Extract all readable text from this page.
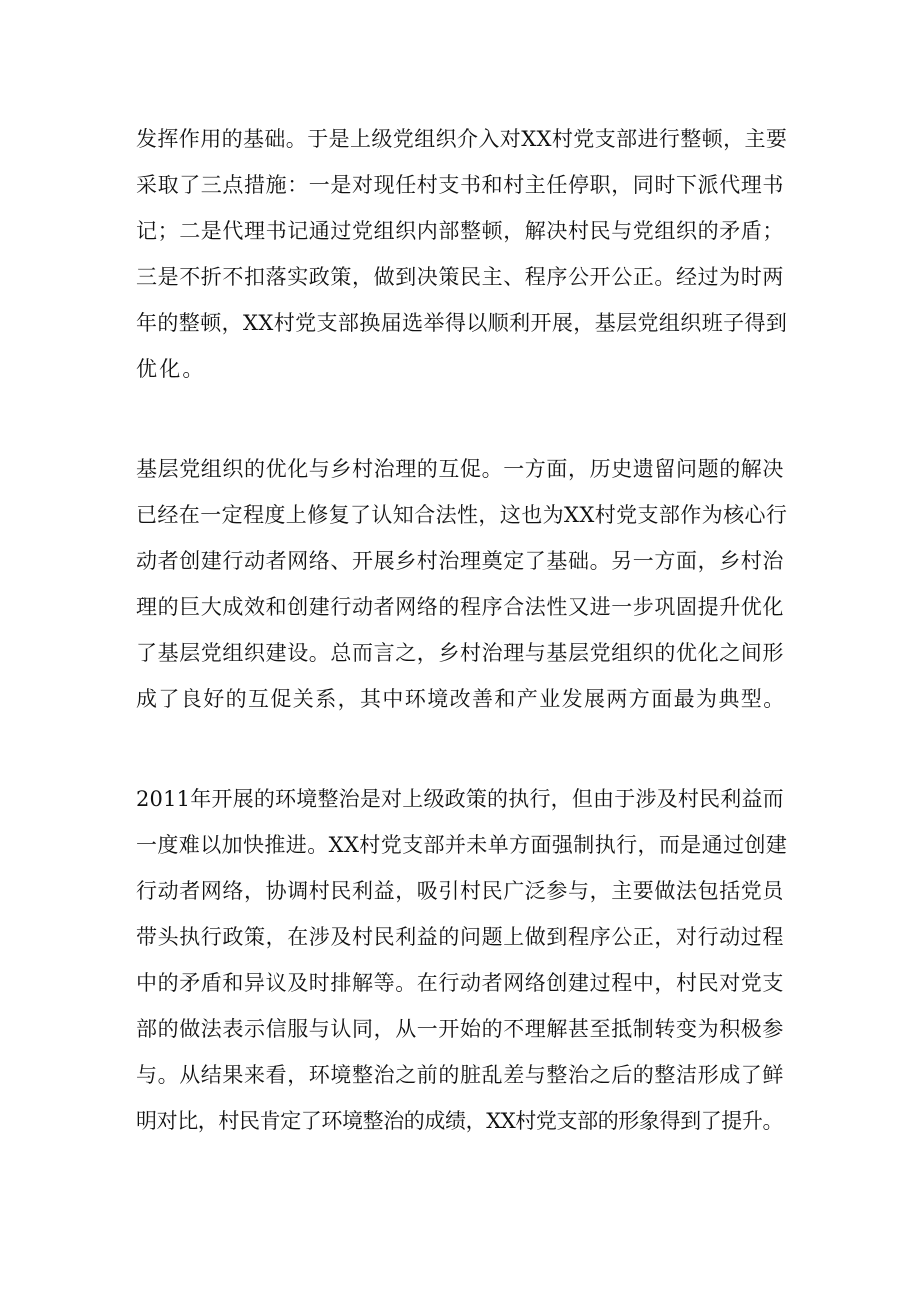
发挥作用的基础。于是上级党组织介入对XX村党支部进行整顿，主要
采取了三点措施：一是对现任村支书和村主任停职，同时下派代理书
记；二是代理书记通过党组织内部整顿，解决村民与党组织的矛盾；
三是不折不扣落实政策，做到决策民主、程序公开公正。经过为时两
年的整顿，XX村党支部换届选举得以顺利开展，基层党组织班子得到
优化。
基层党组织的优化与乡村治理的互促。一方面，历史遗留问题的解决
已经在一定程度上修复了认知合法性，这也为XX村党支部作为核心行
动者创建行动者网络、开展乡村治理奠定了基础。另一方面，乡村治
理的巨大成效和创建行动者网络的程序合法性又进一步巩固提升优化
了基层党组织建设。总而言之，乡村治理与基层党组织的优化之间形
成了良好的互促关系，其中环境改善和产业发展两方面最为典型。
2011年开展的环境整治是对上级政策的执行，但由于涉及村民利益而
一度难以加快推进。XX村党支部并未单方面强制执行，而是通过创建
行动者网络，协调村民利益，吸引村民广泛参与，主要做法包括党员
带头执行政策，在涉及村民利益的问题上做到程序公正，对行动过程
中的矛盾和异议及时排解等。在行动者网络创建过程中，村民对党支
部的做法表示信服与认同，从一开始的不理解甚至抵制转变为积极参
与。从结果来看，环境整治之前的脏乱差与整治之后的整洁形成了鲜
明对比，村民肯定了环境整治的成绩，XX村党支部的形象得到了提升。
